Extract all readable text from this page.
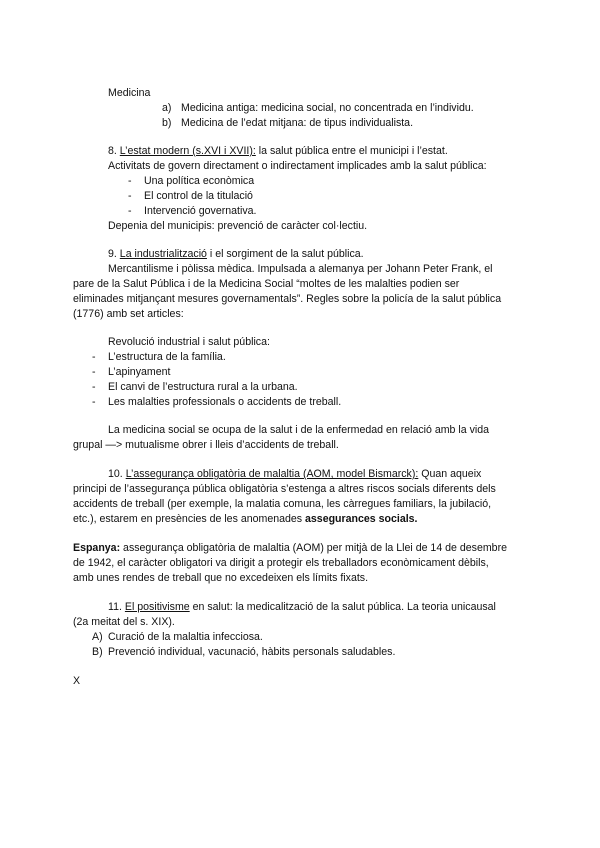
Medicina
a) Medicina antiga: medicina social, no concentrada en l’individu.
b) Medicina de l’edat mitjana: de tipus individualista.
8. L’estat modern (s.XVI i XVII): la salut pública entre el municipi i l’estat.
Activitats de govern directament o indirectament implicades amb la salut pública:
- Una política econòmica
- El control de la titulació
- Intervenció governativa.
Depenia del municipis: prevenció de caràcter col·lectiu.
9. La industrialització i el sorgiment de la salut pública.
Mercantilisme i pòlissa mèdica. Impulsada a alemanya per Johann Peter Frank, el
pare de la Salut Pública i de la Medicina Social “moltes de les malalties podien ser
eliminades mitjançant mesures governamentals”. Regles sobre la policía de la salut pública
(1776) amb set articles:
Revolució industrial i salut pública:
- L’estructura de la família.
- L’apinyament
- El canvi de l’estructura rural a la urbana.
- Les malalties professionals o accidents de treball.
La medicina social se ocupa de la salut i de la enfermedad en relació amb la vida
grupal —> mutualisme obrer i lleis d’accidents de treball.
10. L’assegurança obligatòria de malaltia (AOM, model Bismarck): Quan aqueix
principi de l’assegurança pública obligatòria s’estenga a altres riscos socials diferents dels
accidents de treball (per exemple, la malatia comuna, les càrregues familiars, la jubilació,
etc.), estarem en presències de les anomenades assegurances socials.
Espanya: assegurança obligatòria de malaltia (AOM) per mitjà de la Llei de 14 de desembre
de 1942, el caràcter obligatori va dirigit a protegir els treballadors econòmicament dèbils,
amb unes rendes de treball que no excedeixen els límits fixats.
11. El positivisme en salut: la medicalització de la salut pública. La teoria unicausal
(2a meitat del s. XIX).
A) Curació de la malaltia infecciosa.
B) Prevenció individual, vacunació, hàbits personals saludables.
X
